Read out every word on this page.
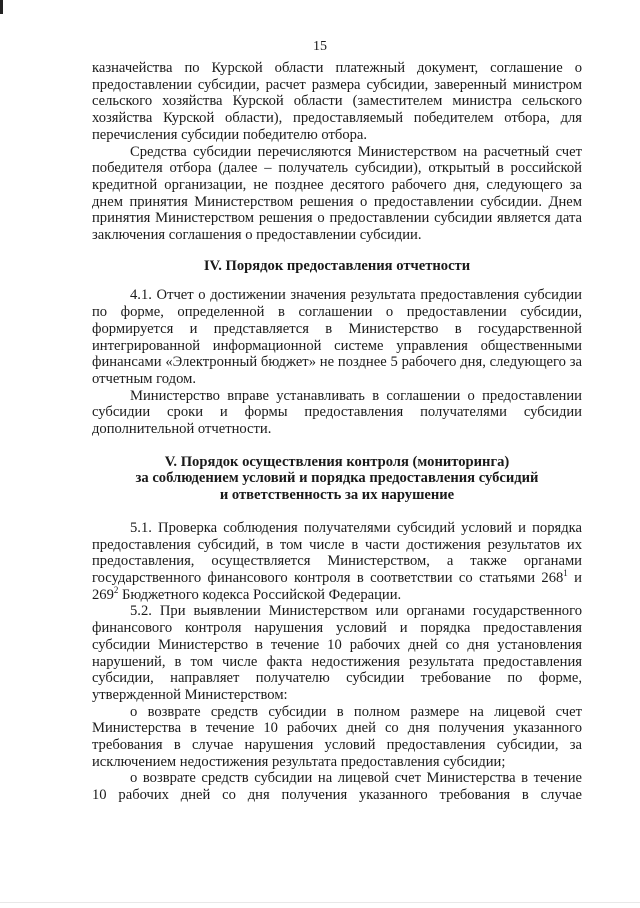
15

казначейства по Курской области платежный документ, соглашение о предоставлении субсидии, расчет размера субсидии, заверенный министром сельского хозяйства Курской области (заместителем министра сельского хозяйства Курской области), предоставляемый победителем отбора, для перечисления субсидии победителю отбора.

Средства субсидии перечисляются Министерством на расчетный счет победителя отбора (далее – получатель субсидии), открытый в российской кредитной организации, не позднее десятого рабочего дня, следующего за днем принятия Министерством решения о предоставлении субсидии. Днем принятия Министерством решения о предоставлении субсидии является дата заключения соглашения о предоставлении субсидии.

IV. Порядок предоставления отчетности

4.1. Отчет о достижении значения результата предоставления субсидии по форме, определенной в соглашении о предоставлении субсидии, формируется и представляется в Министерство в государственной интегрированной информационной системе управления общественными финансами «Электронный бюджет» не позднее 5 рабочего дня, следующего за отчетным годом.

Министерство вправе устанавливать в соглашении о предоставлении субсидии сроки и формы предоставления получателями субсидии дополнительной отчетности.

V. Порядок осуществления контроля (мониторинга)

за соблюдением условий и порядка предоставления субсидий

и ответственность за их нарушение

5.1. Проверка соблюдения получателями субсидий условий и порядка предоставления субсидий, в том числе в части достижения результатов их предоставления, осуществляется Министерством, а также органами государственного финансового контроля в соответствии со статьями $268^1$ и $269^2$ Бюджетного кодекса Российской Федерации.

5.2. При выявлении Министерством или органами государственного финансового контроля нарушения условий и порядка предоставления субсидии Министерство в течение 10 рабочих дней со дня установления нарушений, в том числе факта недостижения результата предоставления субсидии, направляет получателю субсидии требование по форме, утвержденной Министерством:

о возврате средств субсидии в полном размере на лицевой счет Министерства в течение 10 рабочих дней со дня получения указанного требования в случае нарушения условий предоставления субсидии, за исключением недостижения результата предоставления субсидии;

о возврате средств субсидии на лицевой счет Министерства в течение 10 рабочих дней со дня получения указанного требования в случае
